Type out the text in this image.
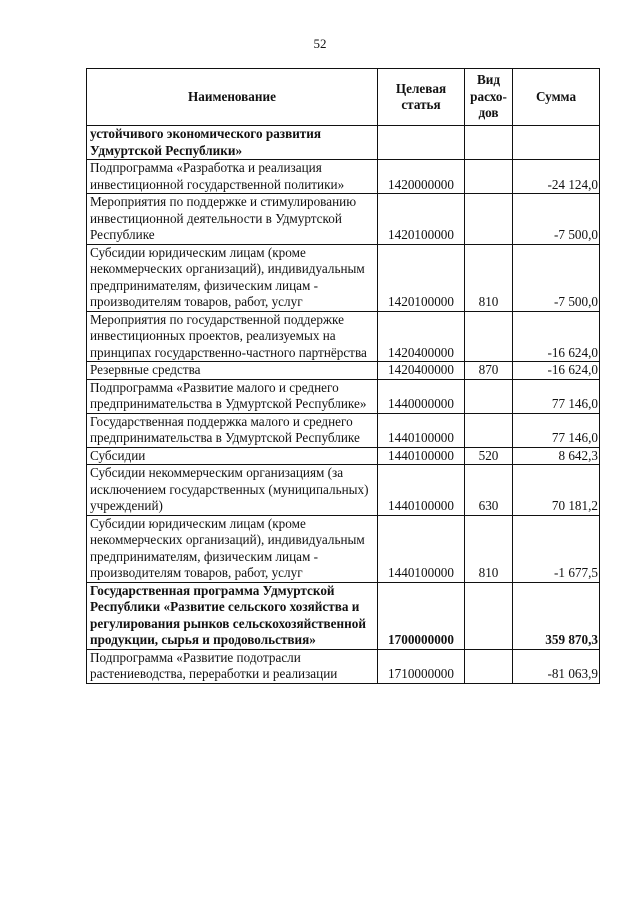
52
Наименование	Целевая статья	Вид расхо-дов	Сумма
устойчивого экономического развития Удмуртской Республики»			
Подпрограмма «Разработка и реализация инвестиционной государственной политики»	1420000000		-24 124,0
Мероприятия по поддержке и стимулированию инвестиционной деятельности в Удмуртской Республике	1420100000		-7 500,0
Субсидии юридическим лицам (кроме некоммерческих организаций), индивидуальным предпринимателям, физическим лицам - производителям товаров, работ, услуг	1420100000	810	-7 500,0
Мероприятия по государственной поддержке инвестиционных проектов, реализуемых на принципах государственно-частного партнёрства	1420400000		-16 624,0
Резервные средства	1420400000	870	-16 624,0
Подпрограмма «Развитие малого и среднего предпринимательства в Удмуртской Республике»	1440000000		77 146,0
Государственная поддержка малого и среднего предпринимательства в Удмуртской Республике	1440100000		77 146,0
Субсидии	1440100000	520	8 642,3
Субсидии некоммерческим организациям (за исключением государственных (муниципальных) учреждений)	1440100000	630	70 181,2
Субсидии юридическим лицам (кроме некоммерческих организаций), индивидуальным предпринимателям, физическим лицам - производителям товаров, работ, услуг	1440100000	810	-1 677,5
Государственная программа Удмуртской Республики «Развитие сельского хозяйства и регулирования рынков сельскохозяйственной продукции, сырья и продовольствия»	1700000000		359 870,3
Подпрограмма «Развитие подотрасли растениеводства, переработки и реализации	1710000000		-81 063,9
